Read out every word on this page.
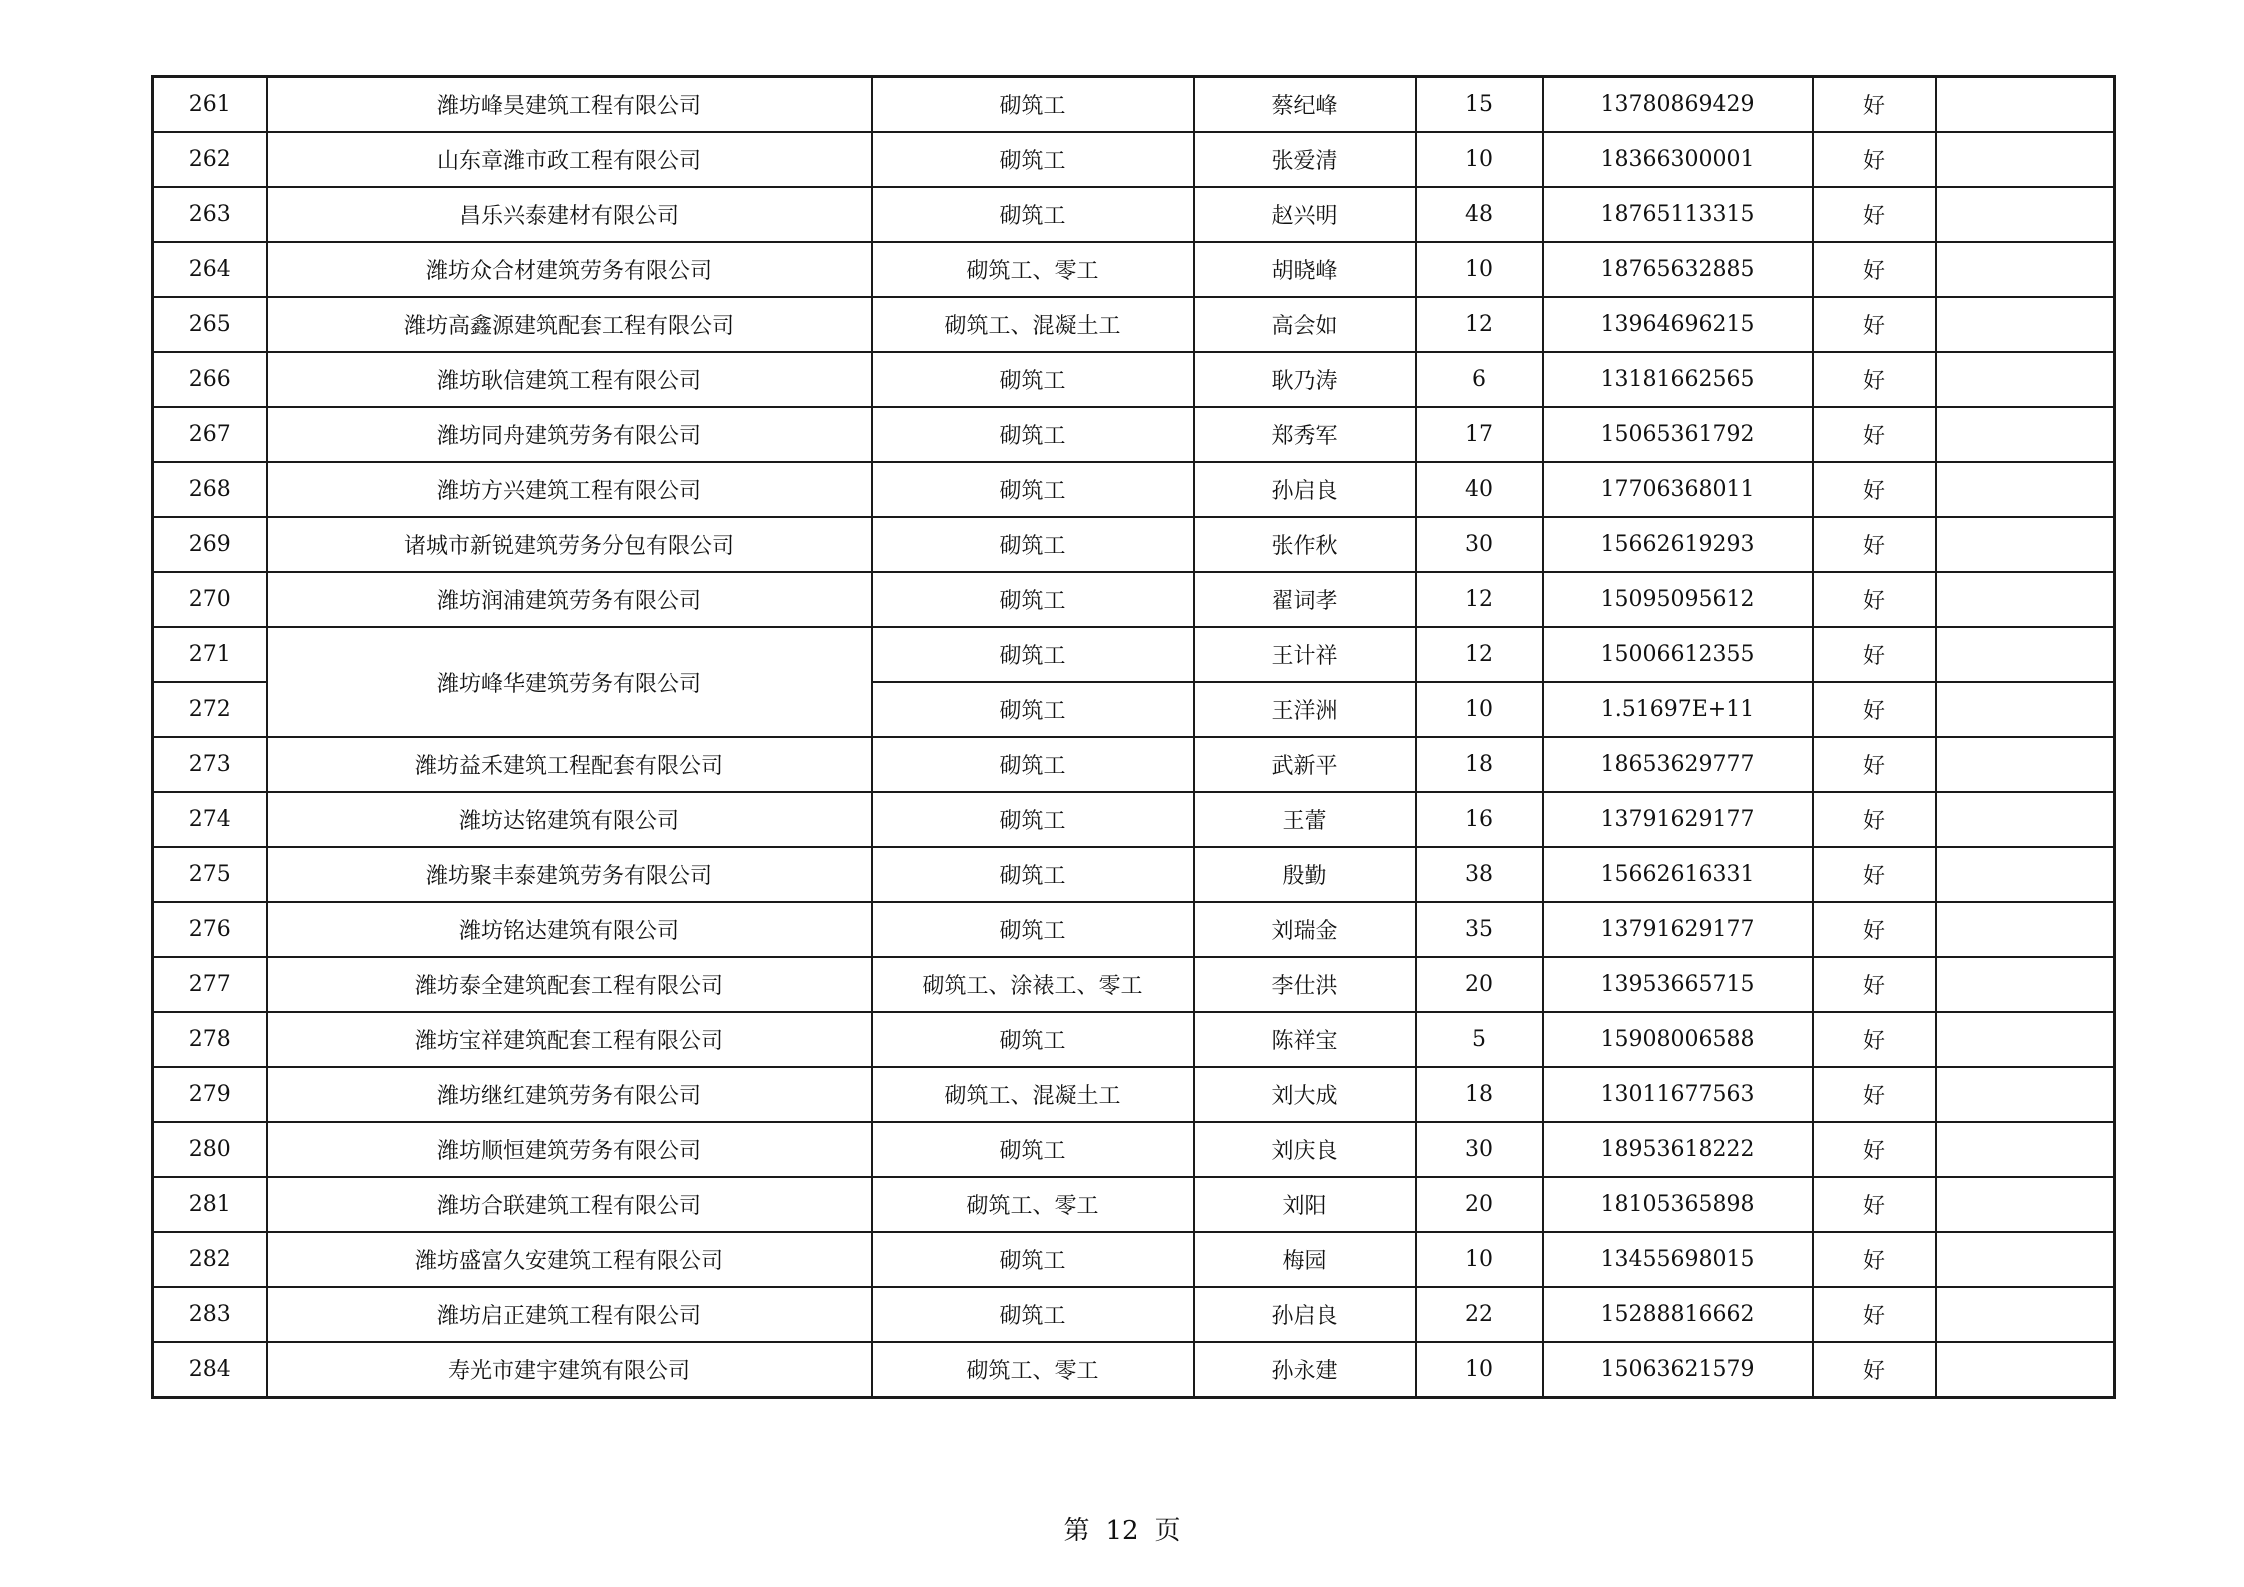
261	潍坊峰昊建筑工程有限公司	砌筑工	蔡纪峰	15	13780869429	好	
262	山东章潍市政工程有限公司	砌筑工	张爱清	10	18366300001	好	
263	昌乐兴泰建材有限公司	砌筑工	赵兴明	48	18765113315	好	
264	潍坊众合材建筑劳务有限公司	砌筑工、零工	胡晓峰	10	18765632885	好	
265	潍坊高鑫源建筑配套工程有限公司	砌筑工、混凝土工	高会如	12	13964696215	好	
266	潍坊耿信建筑工程有限公司	砌筑工	耿乃涛	6	13181662565	好	
267	潍坊同舟建筑劳务有限公司	砌筑工	郑秀军	17	15065361792	好	
268	潍坊方兴建筑工程有限公司	砌筑工	孙启良	40	17706368011	好	
269	诸城市新锐建筑劳务分包有限公司	砌筑工	张作秋	30	15662619293	好	
270	潍坊润浦建筑劳务有限公司	砌筑工	翟词孝	12	15095095612	好	
271	潍坊峰华建筑劳务有限公司	砌筑工	王计祥	12	15006612355	好	
272		砌筑工	王洋洲	10	1.51697E+11	好	
273	潍坊益禾建筑工程配套有限公司	砌筑工	武新平	18	18653629777	好	
274	潍坊达铭建筑有限公司	砌筑工	王蕾	16	13791629177	好	
275	潍坊聚丰泰建筑劳务有限公司	砌筑工	殷勤	38	15662616331	好	
276	潍坊铭达建筑有限公司	砌筑工	刘瑞金	35	13791629177	好	
277	潍坊泰全建筑配套工程有限公司	砌筑工、涂裱工、零工	李仕洪	20	13953665715	好	
278	潍坊宝祥建筑配套工程有限公司	砌筑工	陈祥宝	5	15908006588	好	
279	潍坊继红建筑劳务有限公司	砌筑工、混凝土工	刘大成	18	13011677563	好	
280	潍坊顺恒建筑劳务有限公司	砌筑工	刘庆良	30	18953618222	好	
281	潍坊合联建筑工程有限公司	砌筑工、零工	刘阳	20	18105365898	好	
282	潍坊盛富久安建筑工程有限公司	砌筑工	梅园	10	13455698015	好	
283	潍坊启正建筑工程有限公司	砌筑工	孙启良	22	15288816662	好	
284	寿光市建宇建筑有限公司	砌筑工、零工	孙永建	10	15063621579	好	
第 12 页
